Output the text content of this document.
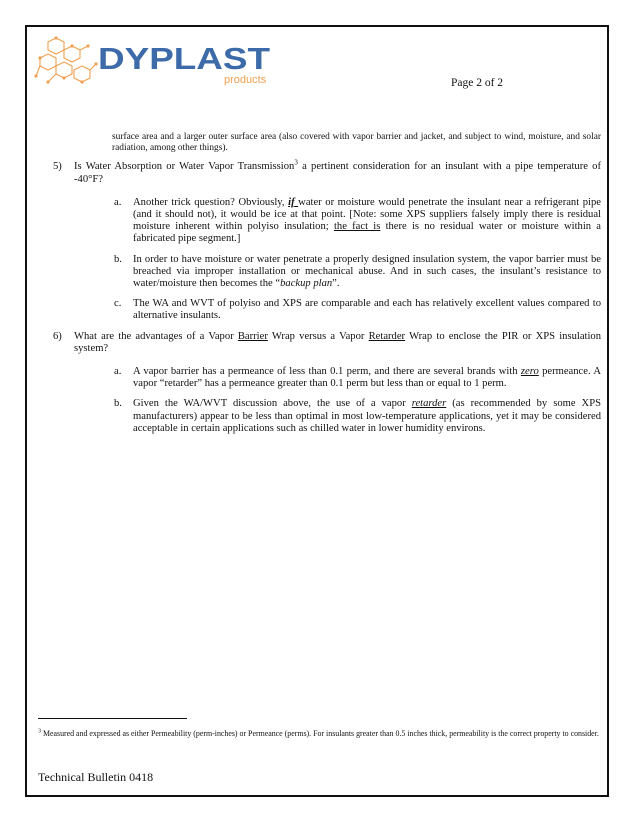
DYPLAST
products	Page 2 of 2
surface area and a larger outer surface area (also covered with vapor barrier and jacket, and subject to wind, moisture, and solar radiation, among other things).
5) Is Water Absorption or Water Vapor Transmission$^3$ a pertinent consideration for an insulant with a pipe temperature of -40°F?
a. Another trick question? Obviously, if water or moisture would penetrate the insulant near a refrigerant pipe (and it should not), it would be ice at that point. [Note: some XPS suppliers falsely imply there is residual moisture inherent within polyiso insulation; the fact is there is no residual water or moisture within a fabricated pipe segment.]
b. In order to have moisture or water penetrate a properly designed insulation system, the vapor barrier must be breached via improper installation or mechanical abuse. And in such cases, the insulant’s resistance to water/moisture then becomes the “backup plan”.
c. The WA and WVT of polyiso and XPS are comparable and each has relatively excellent values compared to alternative insulants.
6) What are the advantages of a Vapor Barrier Wrap versus a Vapor Retarder Wrap to enclose the PIR or XPS insulation system?
a. A vapor barrier has a permeance of less than 0.1 perm, and there are several brands with zero permeance. A vapor “retarder” has a permeance greater than 0.1 perm but less than or equal to 1 perm.
b. Given the WA/WVT discussion above, the use of a vapor retarder (as recommended by some XPS manufacturers) appear to be less than optimal in most low-temperature applications, yet it may be considered acceptable in certain applications such as chilled water in lower humidity environs.
$^3$ Measured and expressed as either Permeability (perm-inches) or Permeance (perms). For insulants greater than 0.5 inches thick, permeability is the correct property to consider.
Technical Bulletin 0418
